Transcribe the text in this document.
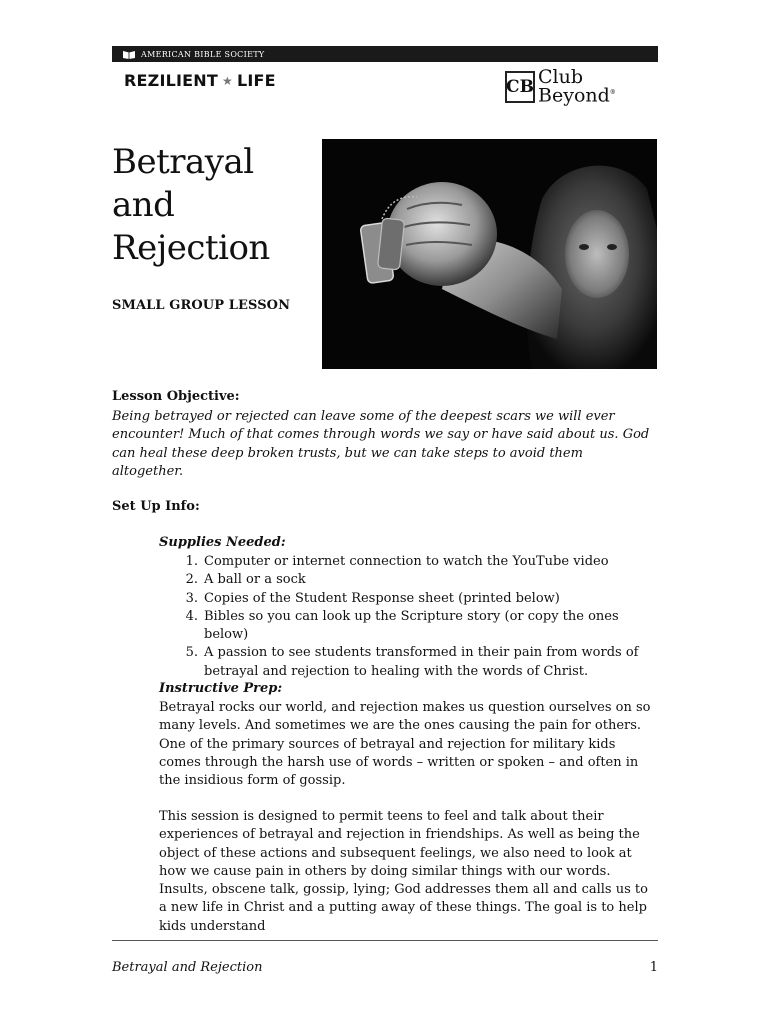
AMERICAN BIBLE SOCIETY
REZILIENT ★ LIFE	CB Club
Beyond®
Betrayal and Rejection

SMALL GROUP LESSON

Lesson Objective:

Being betrayed or rejected can leave some of the deepest scars we will ever encounter! Much of that comes through words we say or have said about us. God can heal these deep broken trusts, but we can take steps to avoid them altogether.

Set Up Info:

Supplies Needed:

1. Computer or internet connection to watch the YouTube video
2. A ball or a sock
3. Copies of the Student Response sheet (printed below)
4. Bibles so you can look up the Scripture story (or copy the ones below)
5. A passion to see students transformed in their pain from words of betrayal and rejection to healing with the words of Christ.

Instructive Prep:

Betrayal rocks our world, and rejection makes us question ourselves on so many levels. And sometimes we are the ones causing the pain for others. One of the primary sources of betrayal and rejection for military kids comes through the harsh use of words – written or spoken – and often in the insidious form of gossip.

This session is designed to permit teens to feel and talk about their experiences of betrayal and rejection in friendships. As well as being the object of these actions and subsequent feelings, we also need to look at how we cause pain in others by doing similar things with our words. Insults, obscene talk, gossip, lying; God addresses them all and calls us to a new life in Christ and a putting away of these things. The goal is to help kids understand

Betrayal and Rejection	1
